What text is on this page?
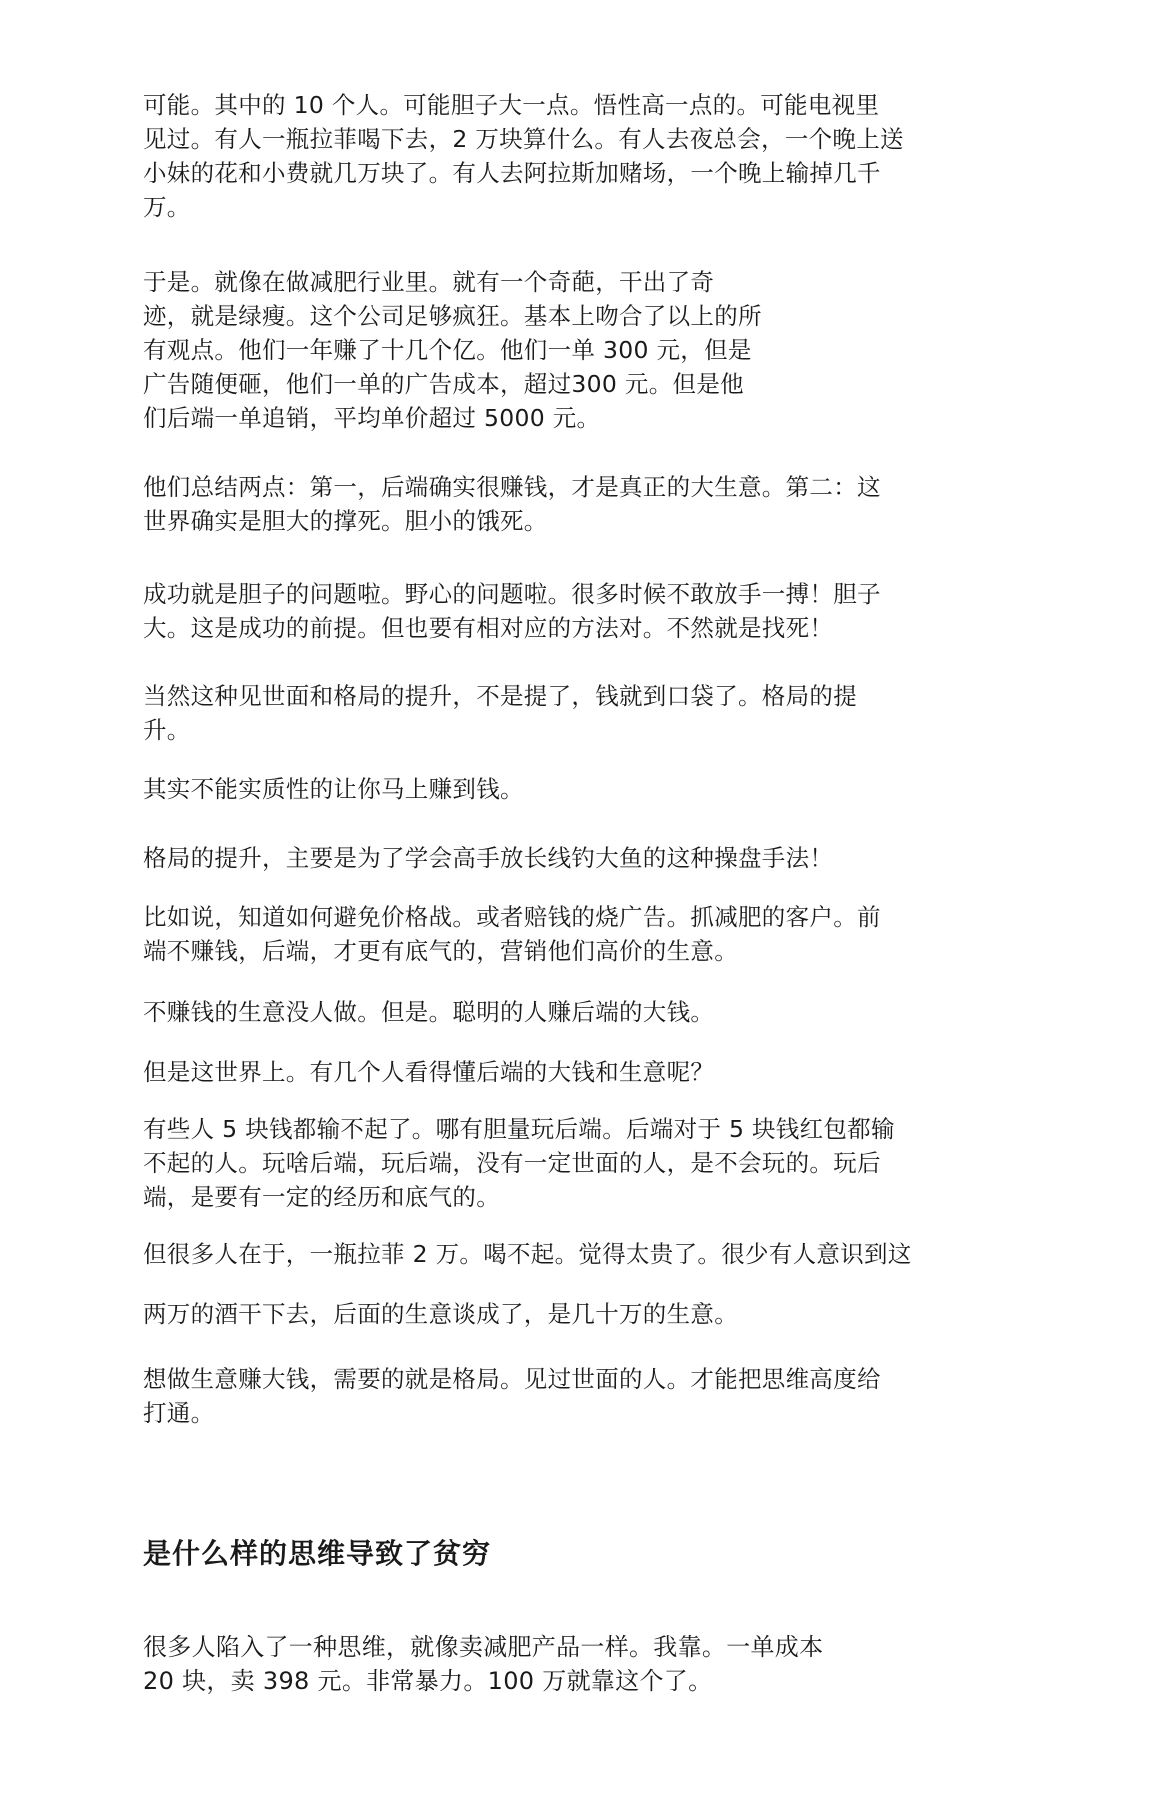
可能。其中的 10 个人。可能胆子大一点。悟性高一点的。可能电视里
见过。有人一瓶拉菲喝下去，2 万块算什么。有人去夜总会，一个晚上送
小妹的花和小费就几万块了。有人去阿拉斯加赌场，一个晚上输掉几千
万。

于是。就像在做减肥行业里。就有一个奇葩，干出了奇
迹，就是绿瘦。这个公司足够疯狂。基本上吻合了以上的所
有观点。他们一年赚了十几个亿。他们一单 300 元，但是
广告随便砸，他们一单的广告成本，超过300 元。但是他
们后端一单追销，平均单价超过 5000 元。

他们总结两点：第一，后端确实很赚钱，才是真正的大生意。第二：这
世界确实是胆大的撑死。胆小的饿死。

成功就是胆子的问题啦。野心的问题啦。很多时候不敢放手一搏！胆子
大。这是成功的前提。但也要有相对应的方法对。不然就是找死！

当然这种见世面和格局的提升，不是提了，钱就到口袋了。格局的提
升。

其实不能实质性的让你马上赚到钱。

格局的提升，主要是为了学会高手放长线钓大鱼的这种操盘手法！

比如说，知道如何避免价格战。或者赔钱的烧广告。抓减肥的客户。前
端不赚钱，后端，才更有底气的，营销他们高价的生意。

不赚钱的生意没人做。但是。聪明的人赚后端的大钱。

但是这世界上。有几个人看得懂后端的大钱和生意呢？

有些人 5 块钱都输不起了。哪有胆量玩后端。后端对于 5 块钱红包都输
不起的人。玩啥后端，玩后端，没有一定世面的人，是不会玩的。玩后
端，是要有一定的经历和底气的。

但很多人在于，一瓶拉菲 2 万。喝不起。觉得太贵了。很少有人意识到这

两万的酒干下去，后面的生意谈成了，是几十万的生意。

想做生意赚大钱，需要的就是格局。见过世面的人。才能把思维高度给
打通。

是什么样的思维导致了贫穷

很多人陷入了一种思维，就像卖减肥产品一样。我靠。一单成本
20 块，卖 398 元。非常暴力。100 万就靠这个了。
